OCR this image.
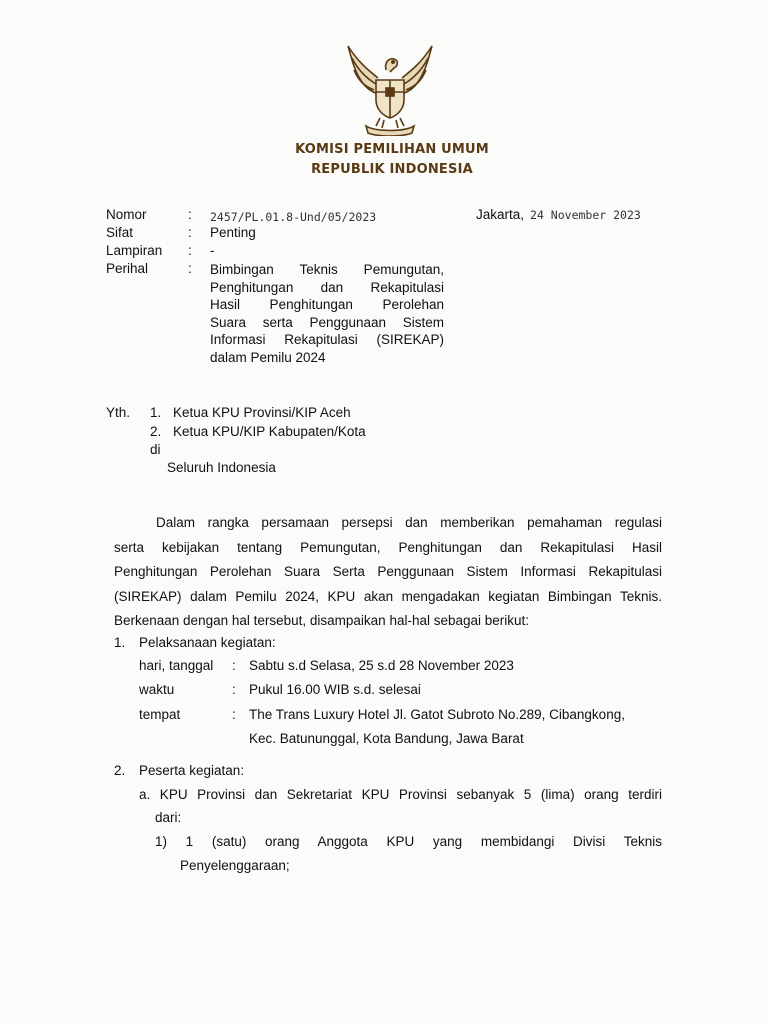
KOMISI PEMILIHAN UMUM
REPUBLIK INDONESIA
Nomor	: 2457/PL.01.8-Und/05/2023	Jakarta, 24 November 2023
Sifat	: Penting
Lampiran : -
Perihal	: Bimbingan Teknis Pemungutan,
Penghitungan dan Rekapitulasi
Hasil Penghitungan Perolehan
Suara serta Penggunaan Sistem
Informasi Rekapitulasi (SIREKAP)
dalam Pemilu 2024
Yth. 1. Ketua KPU Provinsi/KIP Aceh
2. Ketua KPU/KIP Kabupaten/Kota
di
Seluruh Indonesia
Dalam rangka persamaan persepsi dan memberikan pemahaman regulasi
serta kebijakan tentang Pemungutan, Penghitungan dan Rekapitulasi Hasil
Penghitungan Perolehan Suara Serta Penggunaan Sistem Informasi Rekapitulasi
(SIREKAP) dalam Pemilu 2024, KPU akan mengadakan kegiatan Bimbingan Teknis.
Berkenaan dengan hal tersebut, disampaikan hal-hal sebagai berikut:
1. Pelaksanaan kegiatan:
hari, tanggal : Sabtu s.d Selasa, 25 s.d 28 November 2023
waktu	: Pukul 16.00 WIB s.d. selesai
tempat	: The Trans Luxury Hotel Jl. Gatot Subroto No.289, Cibangkong,
Kec. Batununggal, Kota Bandung, Jawa Barat
2. Peserta kegiatan:
a. KPU Provinsi dan Sekretariat KPU Provinsi sebanyak 5 (lima) orang terdiri
dari:
1) 1 (satu) orang Anggota KPU yang membidangi Divisi Teknis
Penyelenggaraan;
